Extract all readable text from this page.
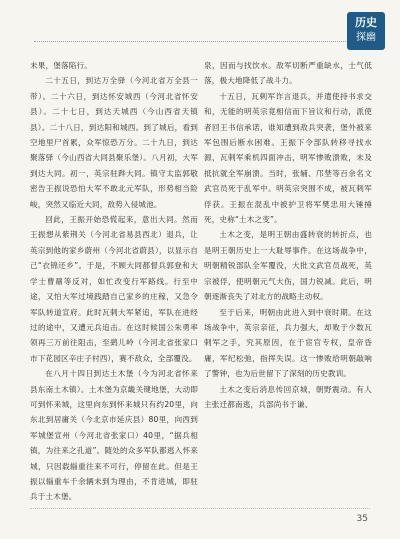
历史
探幽

未果，堡落陷行。

二十五日，到达万全驿（今河北省万全县一带）。二十六日，到达怀安城西（今河北省怀安县）。二十七日，到达天城西（今山西省天镇县）。二十八日，到达阳和城西。到了城后，看到空地里尸首累，众军惊恐万分。二十九日，到达聚落驿（今山西省大同县聚乐堡）。八月初，大军到达大同。初一，英宗驻跸大同。镇守太监郭敬密告王振说恐怕大军不敢北元军队，形势相当险峻，突然又临近大同，敌势入侵城池。

回此，王振开始恐慌起来，意出大同。然而王振想从紫荆关（今河北省易县西北）退兵，让英宗到他的家乡蔚州（今河北省蔚县），以显示自己“衣锦还乡”。于是，不顾大同都督兵郭登和大学士曹鼐等反对，如忙改变行军路线。行至中途，又怕大军过境践踏自己家乡的庄稼，又急令军队转道宣府。此时瓦剌大军紧追，军队在进经过的途中，又遭元兵追击。在这时候国公朱勇率领再三万前往阻击，至鹞儿岭（今河北省张家口市下花园区辛庄子村西），赛不敌众，全部覆没。

在八月十四日到达土木堡（今为河北省怀来县东南土木镇）。土木堡为京畿关键地堡，大动即可到怀来城，这里向东到怀来城只有约20里，向东北到居庸关（今北京市延庆县）80里，向西到军城堡宣州（今河北省张家口）40里，“据兵相镇，为往来之孔道”。随处的众多军队都逃入怀来城，只因载辎重往来不可行，停留在此。但是王振以辎重车千余辆未到为理由，不肯进城，即驻兵于土木堡。

泉，因而与找饮水。敌军切断严重缺水，士气低落，极大地降低了战斗力。

十五日，瓦剌军诈言退兵，并遣使持书求交和，无能的明英宗竟相信而下旨议和行动，派使者回王书信承诺，谁知遭到敌兵突袭，堡外被来军包围后断水困难。王振下令部队转移寻找水源，瓦剌军乘机四面冲击，明军惨败溃败，未及抵抗就全军崩溃。当时，张辅、邝埜等百余名文武官员死于乱军中。明英宗突围不成，被瓦剌军俘获。王振在混乱中被护卫将军樊忠用大锤捶死，史称“土木之变”。

土木之变，是明王朝由盛转衰的转折点，也是明王朝历史上一大耻辱事件。在这场战争中，明朝精锐部队全军覆没，大批文武官员战死，英宗被俘，使明朝元气大伤，国力锐减。此后，明朝逐渐丧失了对北方的战略主动权。

至于后来，明朝由此进入到中衰时期。在这场战争中，英宗亲征，兵力强大，却败于少数瓦剌军之手，究其原因，在于宦官专权，皇帝昏庸，军纪松弛，指挥失误。这一惨败给明朝敲响了警钟，也为后世留下了深刻的历史教训。

土木之变后消息传回京城，朝野震动。有人主张迁都南逃，兵部尚书于谦、

35
